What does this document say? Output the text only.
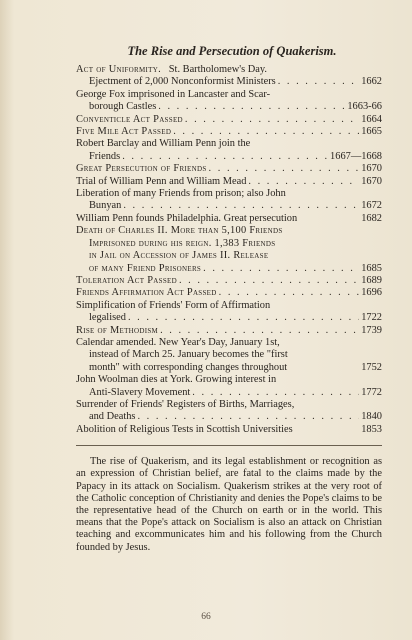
The Rise and Persecution of Quakerism.
Act of Uniformity. St. Bartholomew's Day.
Ejectment of 2,000 Nonconformist Ministers . . .	1662
George Fox imprisoned in Lancaster and Scar-
borough Castles . . .	1663-66
Conventicle Act Passed . . .	1664
Five Mile Act Passed . . .	1665
Robert Barclay and William Penn join the
Friends . . .	1667—1668
Great Persecution of Friends . . .	1670
Trial of William Penn and William Mead . . .	1670
Liberation of many Friends from prison; also John
Bunyan . . .	1672
William Penn founds Philadelphia. Great persecution	1682
Death of Charles II. More than 5,100 Friends
Imprisoned during his reign. 1,383 Friends
in Jail on Accession of James II. Release
of many Friend Prisoners . . .	1685
Toleration Act Passed . . .	1689
Friends Affirmation Act Passed . . .	1696
Simplification of Friends' Form of Affirmation
legalised . . .	1722
Rise of Methodism . . .	1739
Calendar amended. New Year's Day, January 1st,
instead of March 25. January becomes the "first
month" with corresponding changes throughout	1752
John Woolman dies at York. Growing interest in
Anti-Slavery Movement . . .	1772
Surrender of Friends' Registers of Births, Marriages,
and Deaths . . .	1840
Abolition of Religious Tests in Scottish Universities	1853

The rise of Quakerism, and its legal establishment or recognition as an expression of Christian belief, are fatal to the claims made by the Papacy in its attack on Socialism. Quakerism strikes at the very root of the Catholic conception of Christianity and denies the Pope's claims to be the representative head of the Church on earth or in the world. This means that the Pope's attack on Socialism is also an attack on Christian teaching and excommunicates him and his following from the Church founded by Jesus.

66
